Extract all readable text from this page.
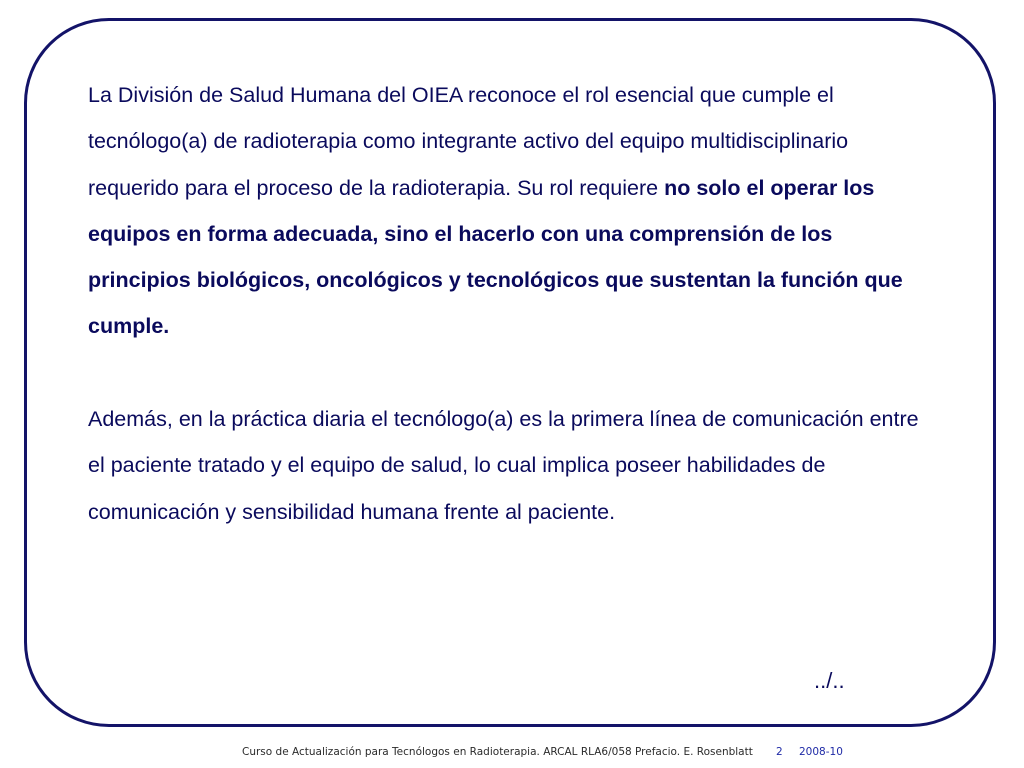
La División de Salud Humana del OIEA reconoce el rol esencial que cumple el tecnólogo(a) de radioterapia como integrante activo del equipo multidisciplinario requerido para el proceso de la radioterapia. Su rol requiere no solo el operar los equipos en forma adecuada, sino el hacerlo con una comprensión de los principios biológicos, oncológicos y tecnológicos que sustentan la función que cumple.

Además, en la práctica diaria el tecnólogo(a) es la primera línea de comunicación entre el paciente tratado y el equipo de salud, lo cual implica poseer habilidades de comunicación y sensibilidad humana frente al paciente.

../..
Curso de Actualización para Tecnólogos en Radioterapia. ARCAL RLA6/058 Prefacio. E. Rosenblatt 2 2008-10
